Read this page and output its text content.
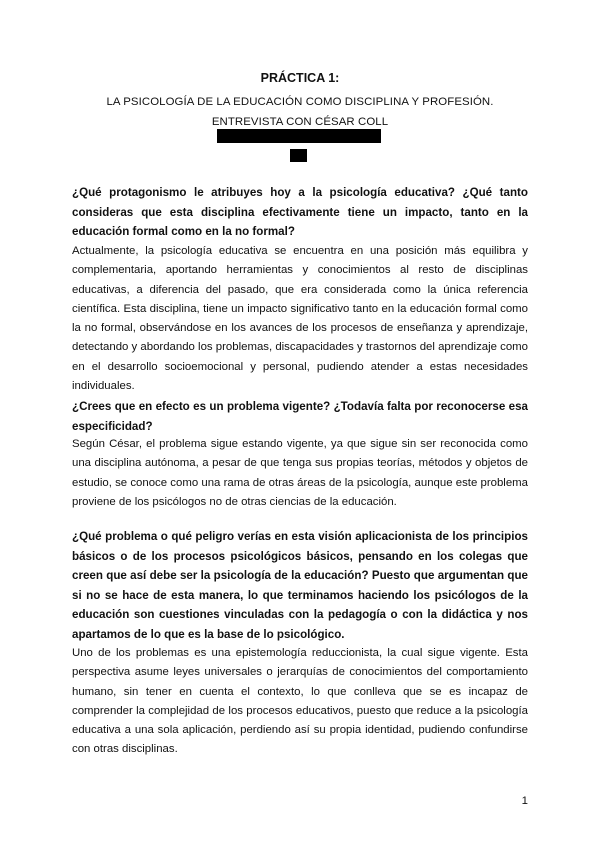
PRÁCTICA 1:
LA PSICOLOGÍA DE LA EDUCACIÓN COMO DISCIPLINA Y PROFESIÓN. ENTREVISTA CON CÉSAR COLL
¿Qué protagonismo le atribuyes hoy a la psicología educativa? ¿Qué tanto consideras que esta disciplina efectivamente tiene un impacto, tanto en la educación formal como en la no formal?
Actualmente, la psicología educativa se encuentra en una posición más equilibra y complementaria, aportando herramientas y conocimientos al resto de disciplinas educativas, a diferencia del pasado, que era considerada como la única referencia científica. Esta disciplina, tiene un impacto significativo tanto en la educación formal como la no formal, observándose en los avances de los procesos de enseñanza y aprendizaje, detectando y abordando los problemas, discapacidades y trastornos del aprendizaje como en el desarrollo socioemocional y personal, pudiendo atender a estas necesidades individuales.
¿Crees que en efecto es un problema vigente? ¿Todavía falta por reconocerse esa especificidad?
Según César, el problema sigue estando vigente, ya que sigue sin ser reconocida como una disciplina autónoma, a pesar de que tenga sus propias teorías, métodos y objetos de estudio, se conoce como una rama de otras áreas de la psicología, aunque este problema proviene de los psicólogos no de otras ciencias de la educación.
¿Qué problema o qué peligro verías en esta visión aplicacionista de los principios básicos o de los procesos psicológicos básicos, pensando en los colegas que creen que así debe ser la psicología de la educación? Puesto que argumentan que si no se hace de esta manera, lo que terminamos haciendo los psicólogos de la educación son cuestiones vinculadas con la pedagogía o con la didáctica y nos apartamos de lo que es la base de lo psicológico.
Uno de los problemas es una epistemología reduccionista, la cual sigue vigente. Esta perspectiva asume leyes universales o jerarquías de conocimientos del comportamiento humano, sin tener en cuenta el contexto, lo que conlleva que se es incapaz de comprender la complejidad de los procesos educativos, puesto que reduce a la psicología educativa a una sola aplicación, perdiendo así su propia identidad, pudiendo confundirse con otras disciplinas.
1
